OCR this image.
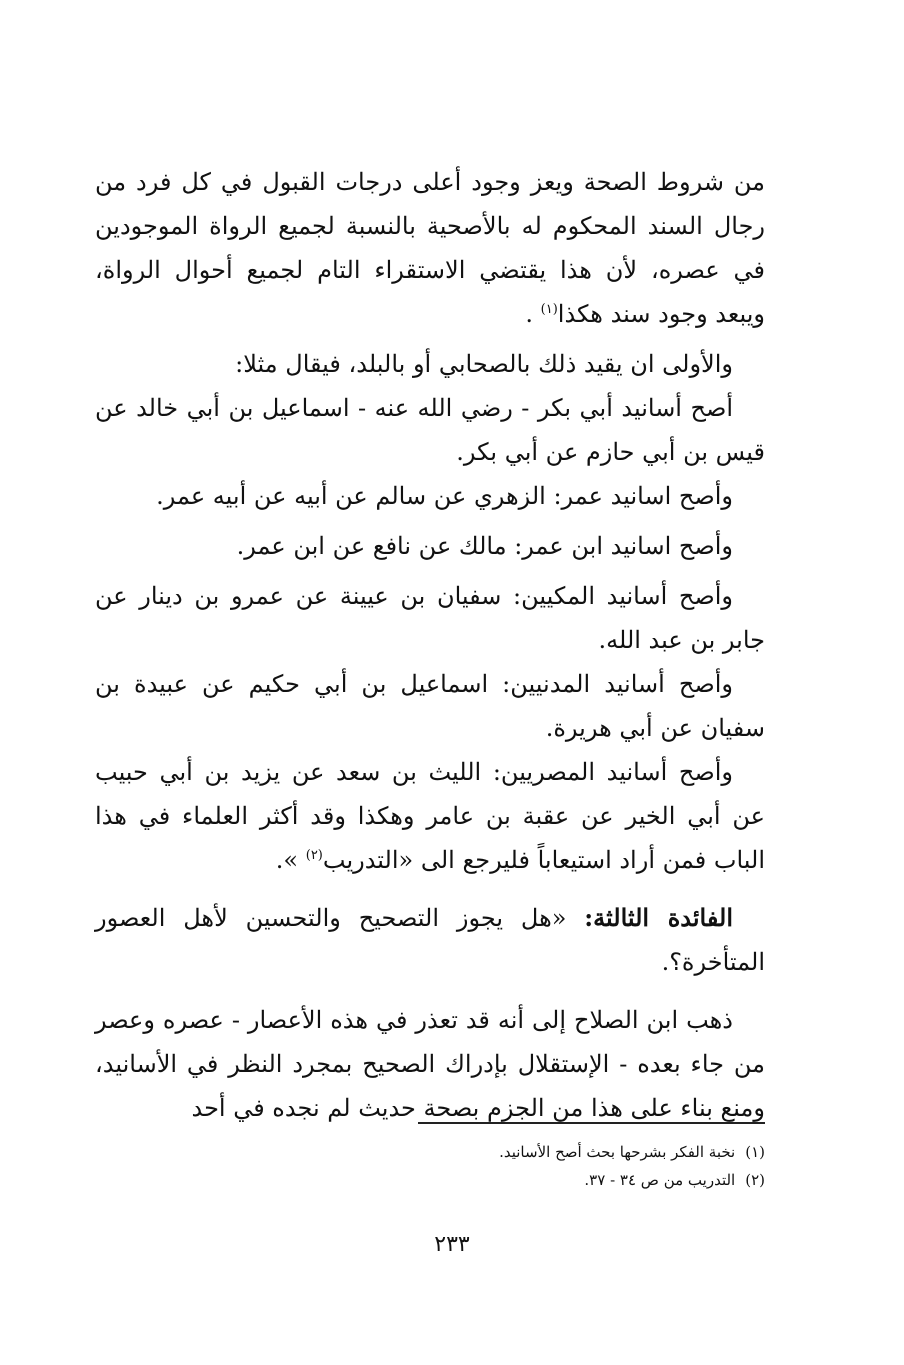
من شروط الصحة ويعز وجود أعلى درجات القبول في كل فرد من رجال السند المحكوم له بالأصحية بالنسبة لجميع الرواة الموجودين في عصره، لأن هذا يقتضي الاستقراء التام لجميع أحوال الرواة، ويبعد وجود سند هكذا$^{(١)}$ .

والأولى ان يقيد ذلك بالصحابي أو بالبلد، فيقال مثلا:

أصح أسانيد أبي بكر - رضي الله عنه - اسماعيل بن أبي خالد عن قيس بن أبي حازم عن أبي بكر.

وأصح اسانيد عمر: الزهري عن سالم عن أبيه عن أبيه عمر.

وأصح اسانيد ابن عمر: مالك عن نافع عن ابن عمر.

وأصح أسانيد المكيين: سفيان بن عيينة عن عمرو بن دينار عن جابر بن عبد الله.

وأصح أسانيد المدنيين: اسماعيل بن أبي حكيم عن عبيدة بن سفيان عن أبي هريرة.

وأصح أسانيد المصريين: الليث بن سعد عن يزيد بن أبي حبيب عن أبي الخير عن عقبة بن عامر وهكذا وقد أكثر العلماء في هذا الباب فمن أراد استيعاباً فليرجع الى «التدريب$^{(٢)}$ ».

الفائدة الثالثة: «هل يجوز التصحيح والتحسين لأهل العصور المتأخرة؟.

ذهب ابن الصلاح إلى أنه قد تعذر في هذه الأعصار - عصره وعصر من جاء بعده - الإستقلال بإدراك الصحيح بمجرد النظر في الأسانيد، ومنع بناء على هذا من الجزم بصحة حديث لم نجده في أحد

(١)نخبة الفكر بشرحها بحث أصح الأسانيد.
(٢)التدريب من ص ٣٤ - ٣٧.
٢٣٣
